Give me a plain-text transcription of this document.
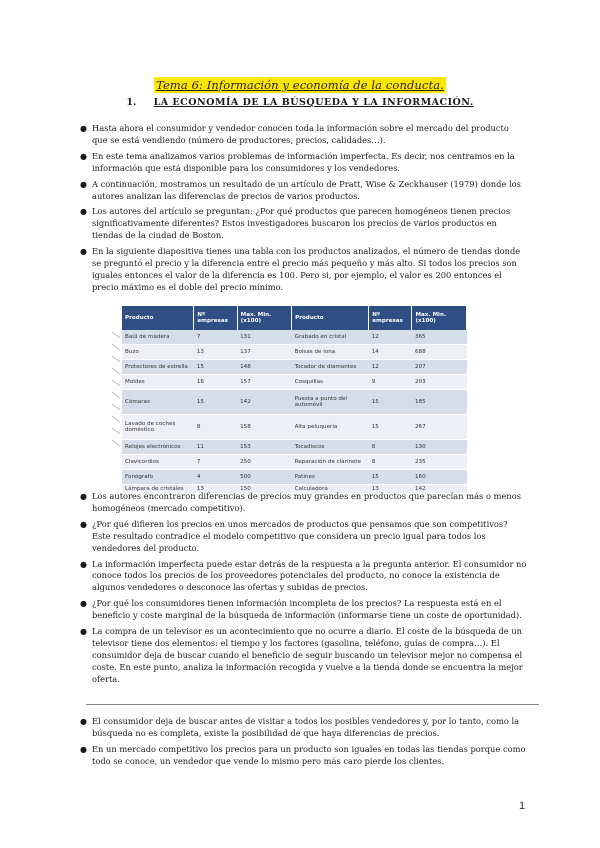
Tema 6: Información y economía de la conducta.
1. LA ECONOMÍA DE LA BÚSQUEDA Y LA INFORMACIÓN.
● Hasta ahora el consumidor y vendedor conocen toda la información sobre el mercado del producto que se está vendiendo (número de productores, precios, calidades…).
● En este tema analizamos varios problemas de información imperfecta. Es decir, nos centramos en la información que está disponible para los consumidores y los vendedores.
● A continuación, mostramos un resultado de un artículo de Pratt, Wise & Zeckhauser (1979) donde los autores analizan las diferencias de precios de varios productos.
● Los autores del artículo se preguntan: ¿Por qué productos que parecen homogéneos tienen precios significativamente diferentes? Estos investigadores buscaron los precios de varios productos en tiendas de la ciudad de Boston.
● En la siguiente diapositiva tienes una tabla con los productos analizados, el número de tiendas donde se preguntó el precio y la diferencia entre el precio más pequeño y más alto. Si todos los precios son iguales entonces el valor de la diferencia es 100. Pero si, por ejemplo, el valor es 200 entonces el precio máximo es el doble del precio mínimo.
Producto	Nº empresas	Max. Min. (x100)	Producto	Nº empresas	Max. Min. (x100)
Baúl de madera	7	131	Grabado en cristal	12	365
Buzo	13	137	Bolsas de lona	14	688
Protectores de estrella	15	148	Tocador de diamantes	12	207
Moldes	16	157	Cosquillas	9	203
Cámaras	15	142	Puesta a punto del automóvil	15	185
Lavado de coches doméstico	8	158	Alta peluquería	15	267
Relojes electrónicos	11	153	Tocadiscos	8	130
Clavicordios	7	250	Reparación de clarinete	8	235
Fonógrafo	4	500	Patines	15	160
Lámpara de cristales	13	150	Calculadora	13	142
● Los autores encontraron diferencias de precios muy grandes en productos que parecían más o menos homogéneos (mercado competitivo).
● ¿Por qué difieren los precios en unos mercados de productos que pensamos que son competitivos? Este resultado contradice el modelo competitivo que considera un precio igual para todos los vendedores del producto.
● La información imperfecta puede estar detrás de la respuesta a la pregunta anterior. El consumidor no conoce todos los precios de los proveedores potenciales del producto, no conoce la existencia de algunos vendedores o desconoce las ofertas y subidas de precios.
● ¿Por qué los consumidores tienen información incompleta de los precios? La respuesta está en el beneficio y coste marginal de la búsqueda de información (informarse tiene un coste de oportunidad).
● La compra de un televisor es un acontecimiento que no ocurre a diario. El coste de la búsqueda de un televisor tiene dos elementos: el tiempo y los factores (gasolina, teléfono, guías de compra…). El consumidor deja de buscar cuando el beneficio de seguir buscando un televisor mejor no compensa el coste. En este punto, analiza la información recogida y vuelve a la tienda donde se encuentra la mejor oferta.
● El consumidor deja de buscar antes de visitar a todos los posibles vendedores y, por lo tanto, como la búsqueda no es completa, existe la posibilidad de que haya diferencias de precios.
● En un mercado competitivo los precios para un producto son iguales en todas las tiendas porque como todo se conoce, un vendedor que vende lo mismo pero más caro pierde los clientes.
1
